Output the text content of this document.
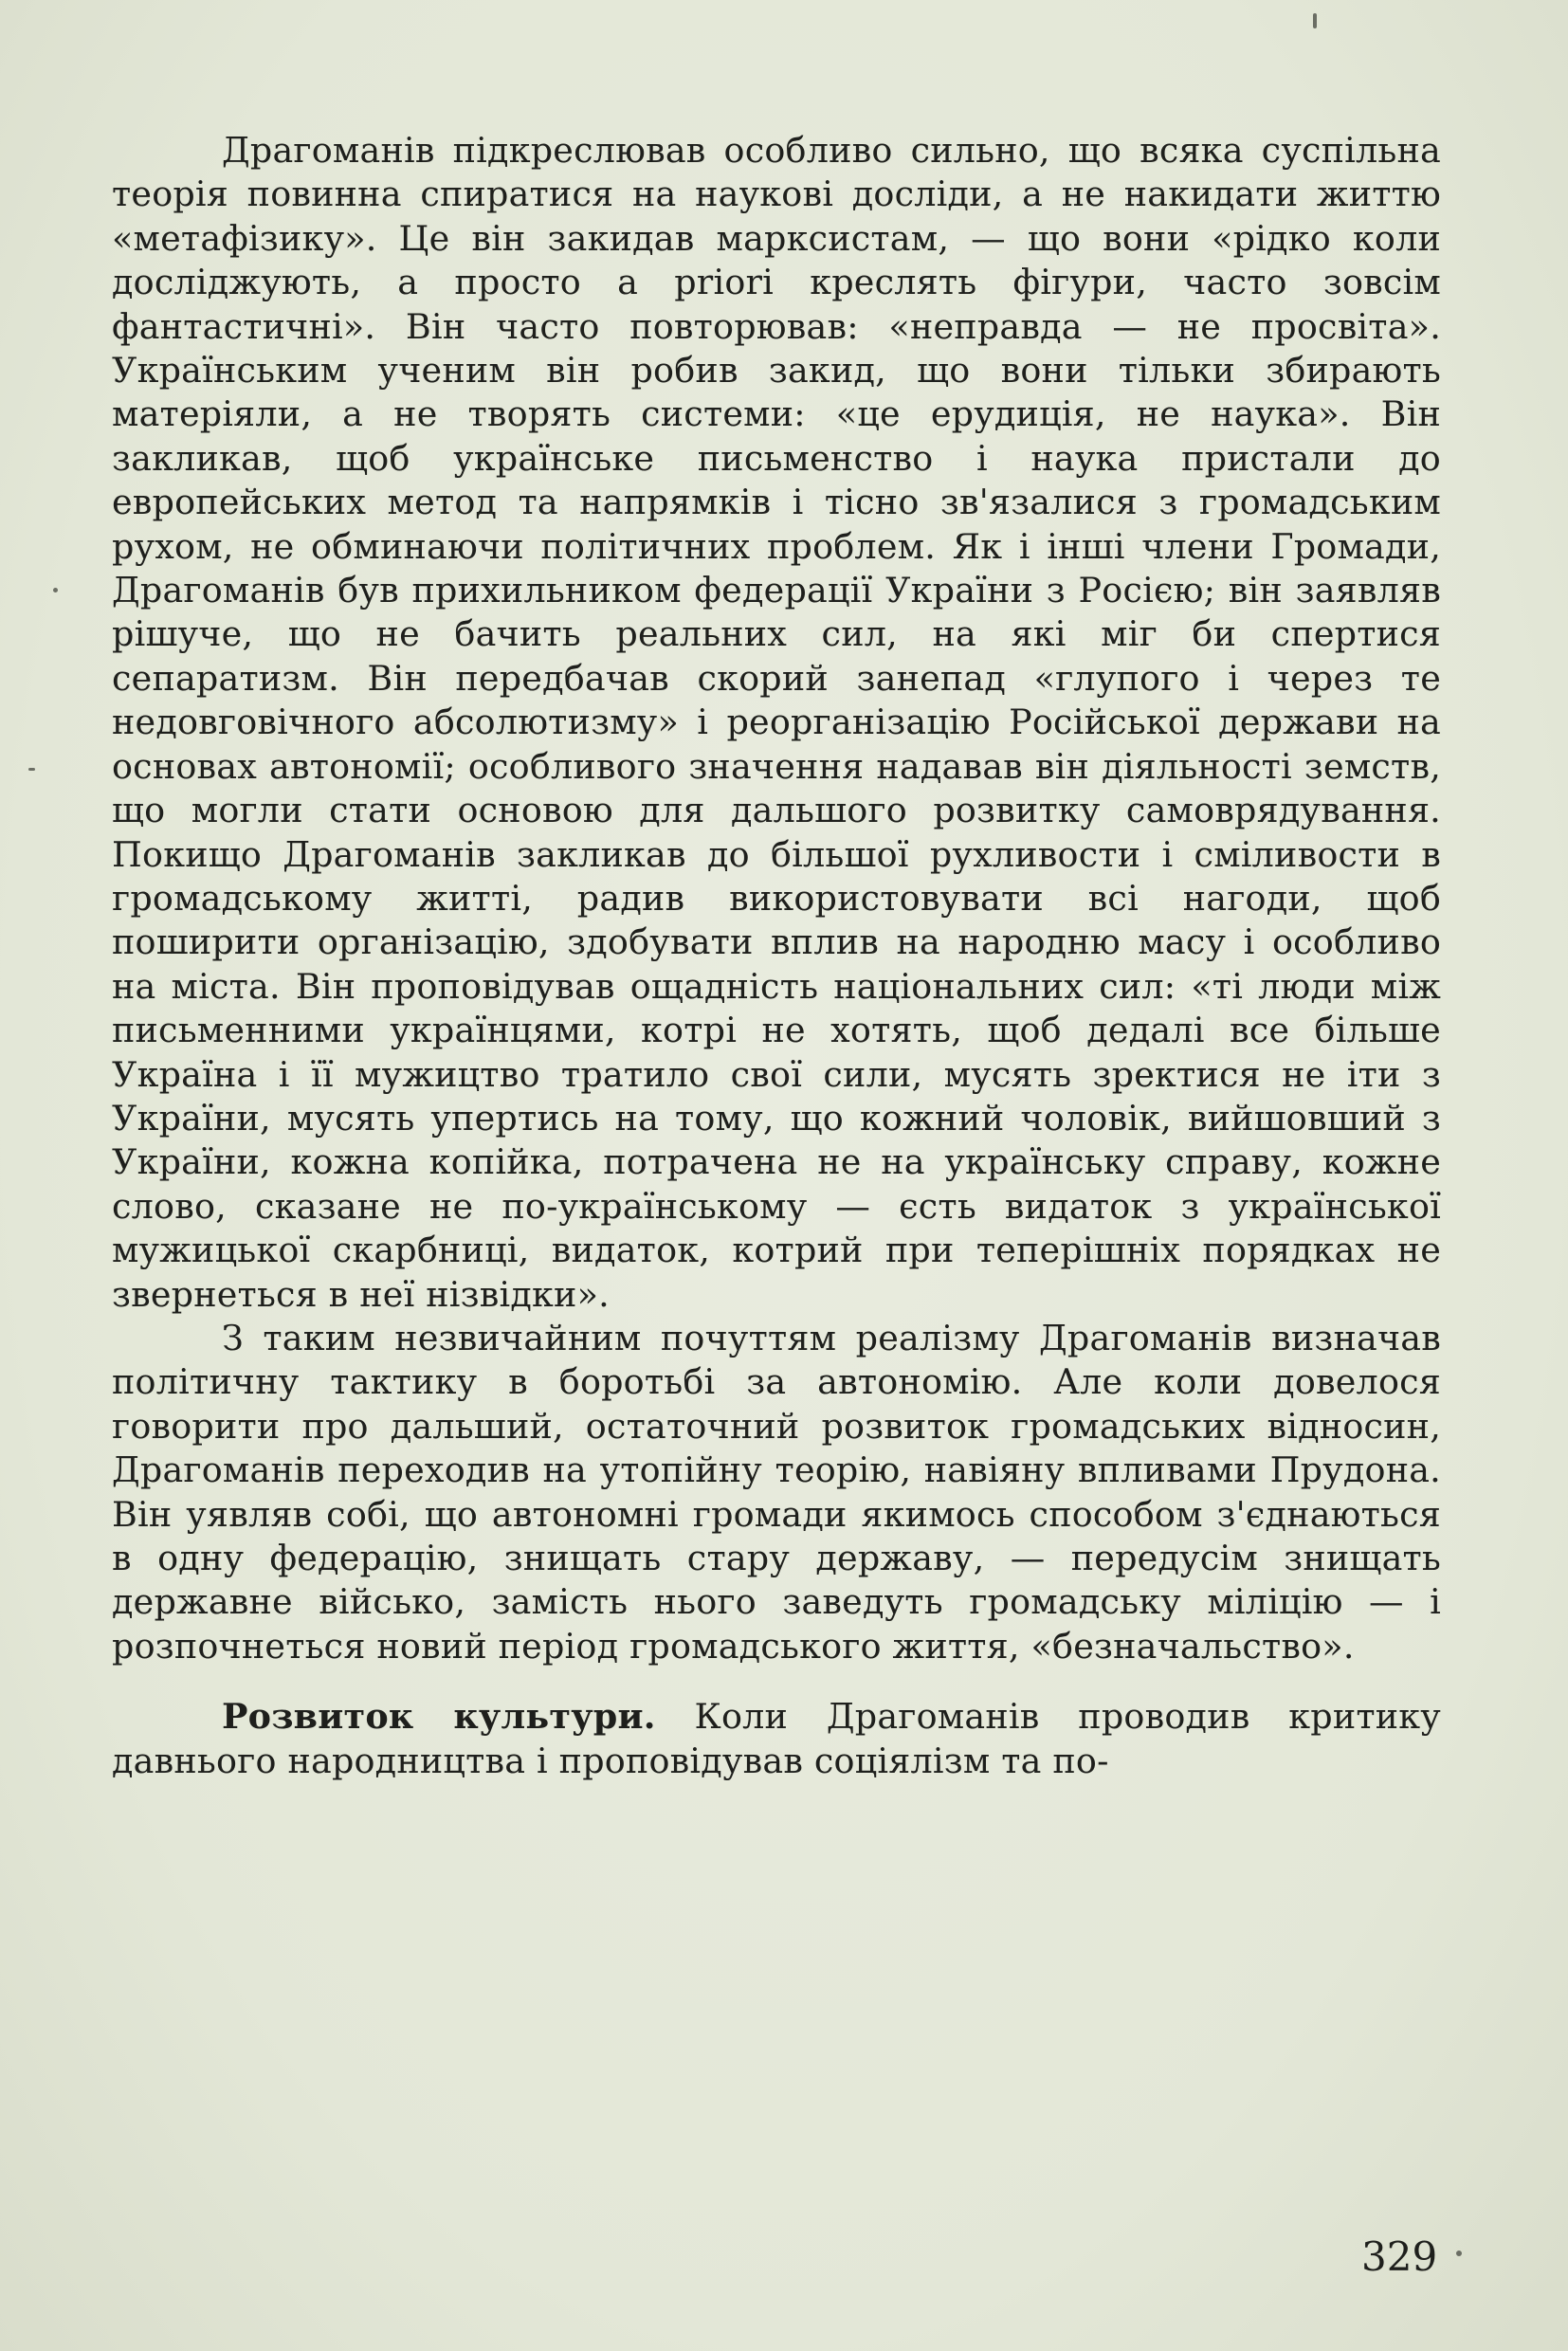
Драгоманів підкреслював особливо сильно, що всяка суспільна теорія повинна спиратися на наукові досліди, а не накидати життю «метафізику». Це він закидав марксистам, — що вони «рідко коли досліджують, а просто a priori креслять фігури, часто зовсім фантастичні». Він часто повторював: «неправда — не просвіта». Українським ученим він робив закид, що вони тільки збирають матеріяли, а не творять системи: «це ерудиція, не наука». Він закликав, щоб українське письменство і наука пристали до европейських метод та напрямків і тісно зв'язалися з громадським рухом, не обминаючи політичних проблем. Як і інші члени Громади, Драгоманів був прихильником федерації України з Росією; він заявляв рішуче, що не бачить реальних сил, на які міг би спертися сепаратизм. Він передбачав скорий занепад «глупого і через те недовговічного абсолютизму» і реорганізацію Російської держави на основах автономії; особливого значення надавав він діяльності земств, що могли стати основою для дальшого розвитку самоврядування. Покищо Драгоманів закликав до більшої рухливости і сміливости в громадському житті, радив використовувати всі нагоди, щоб поширити організацію, здобувати вплив на народню масу і особливо на міста. Він проповідував ощадність національних сил: «ті люди між письменними українцями, котрі не хотять, щоб дедалі все більше Україна і її мужицтво тратило свої сили, мусять зректися не іти з України, мусять упертись на тому, що кожний чоловік, вийшовший з України, кожна копійка, потрачена не на українську справу, кожне слово, сказане не по-українському — єсть видаток з української мужицької скарбниці, видаток, котрий при теперішніх порядках не звернеться в неї нізвідки».

З таким незвичайним почуттям реалізму Драгоманів визначав політичну тактику в боротьбі за автономію. Але коли довелося говорити про дальший, остаточний розвиток громадських відносин, Драгоманів переходив на утопійну теорію, навіяну впливами Прудона. Він уявляв собі, що автономні громади якимось способом з'єднаються в одну федерацію, знищать стару державу, — передусім знищать державне військо, замість нього заведуть громадську міліцію — і розпочнеться новий період громадського життя, «безначальство».

Розвиток культури. Коли Драгоманів проводив критику давнього народництва і проповідував соціялізм та по-

329
